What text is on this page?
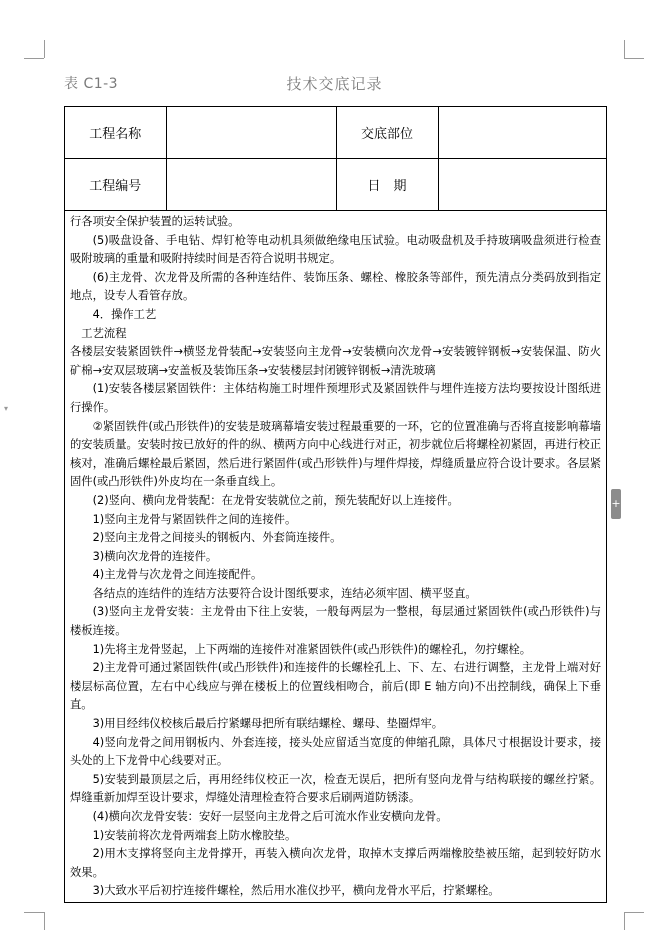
▾
表 C1-3	技术交底记录
工程名称		交底部位	
工程编号		日　期	

行各项安全保护装置的运转试验。

(5)吸盘设备、手电钻、焊钉枪等电动机具须做绝缘电压试验。电动吸盘机及手持玻璃吸盘须进行检查吸附玻璃的重量和吸附持续时间是否符合说明书规定。

(6)主龙骨、次龙骨及所需的各种连结件、装饰压条、螺栓、橡胶条等部件，预先清点分类码放到指定地点，设专人看管存放。

4．操作工艺

工艺流程

各楼层安装紧固铁件→横竖龙骨装配→安装竖向主龙骨→安装横向次龙骨→安装镀锌钢板→安装保温、防火矿棉→安双层玻璃→安盖板及装饰压条→安装楼层封闭镀锌钢板→清洗玻璃

(1)安装各楼层紧固铁件：主体结构施工时埋件预埋形式及紧固铁件与埋件连接方法均要按设计图纸进行操作。

②紧固铁件(或凸形铁件)的安装是玻璃幕墙安装过程最重要的一环，它的位置准确与否将直接影响幕墙的安装质量。安装时按已放好的件的纵、横两方向中心线进行对正，初步就位后将螺栓初紧固，再进行校正核对，准确后螺栓最后紧固，然后进行紧固件(或凸形铁件)与埋件焊接，焊缝质量应符合设计要求。各层紧固件(或凸形铁件)外皮均在一条垂直线上。

(2)竖向、横向龙骨装配：在龙骨安装就位之前，预先装配好以上连接件。

1)竖向主龙骨与紧固铁件之间的连接件。

2)竖向主龙骨之间接头的钢板内、外套筒连接件。

3)横向次龙骨的连接件。

4)主龙骨与次龙骨之间连接配件。

各结点的连结件的连结方法要符合设计图纸要求，连结必须牢固、横平竖直。

(3)竖向主龙骨安装：主龙骨由下往上安装，一般每两层为一整根，每层通过紧固铁件(或凸形铁件)与楼板连接。

1)先将主龙骨竖起，上下两端的连接件对准紧固铁件(或凸形铁件)的螺栓孔，勿拧螺栓。

2)主龙骨可通过紧固铁件(或凸形铁件)和连接件的长螺栓孔上、下、左、右进行调整，主龙骨上端对好楼层标高位置，左右中心线应与弹在楼板上的位置线相吻合，前后(即 E 轴方向)不出控制线，确保上下垂直。

3)用目经纬仪校核后最后拧紧螺母把所有联结螺栓、螺母、垫圈焊牢。

4)竖向龙骨之间用钢板内、外套连接，接头处应留适当宽度的伸缩孔隙，具体尺寸根据设计要求，接头处的上下龙骨中心线要对正。

5)安装到最顶层之后，再用经纬仪校正一次，检查无误后，把所有竖向龙骨与结构联接的螺丝拧紧。焊缝重新加焊至设计要求，焊缝处清理检查符合要求后刷两道防锈漆。

(4)横向次龙骨安装：安好一层竖向主龙骨之后可流水作业安横向龙骨。

1)安装前将次龙骨两端套上防水橡胶垫。

2)用木支撑将竖向主龙骨撑开，再装入横向次龙骨，取掉木支撑后两端橡胶垫被压缩，起到较好防水效果。

3)大致水平后初拧连接件螺栓，然后用水准仪抄平，横向龙骨水平后，拧紧螺栓。

+
